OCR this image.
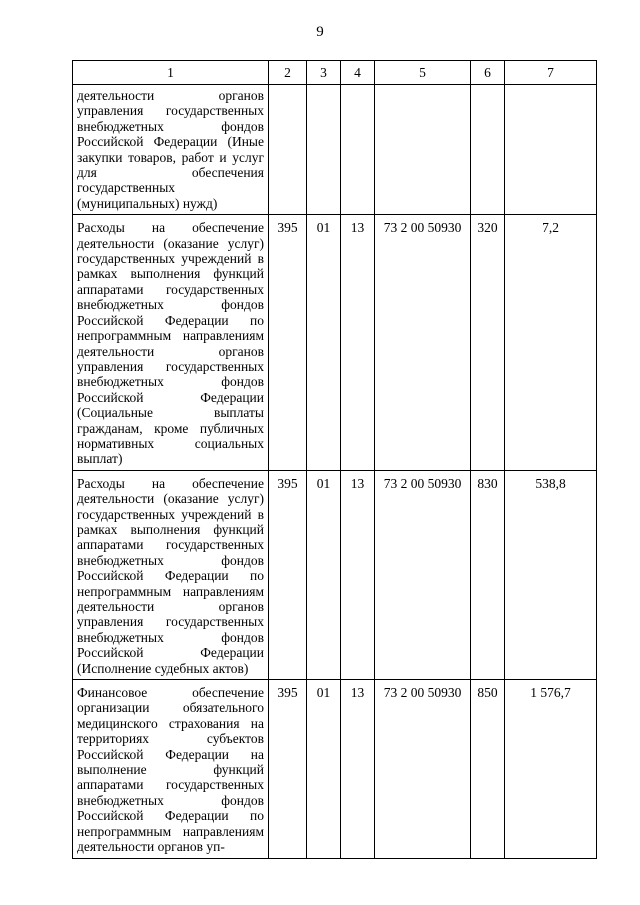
9
1	2	3	4	5	6	7
деятельности органов управления государственных внебюджетных фондов Российской Федерации (Иные закупки товаров, работ и услуг для обеспечения государственных (муниципальных) нужд)						
Расходы на обеспечение деятельности (оказание услуг) государственных учреждений в рамках выполнения функций аппаратами государственных внебюджетных фондов Российской Федерации по непрограммным направлениям деятельности органов управления государственных внебюджетных фондов Российской Федерации (Социальные выплаты гражданам, кроме публичных нормативных социальных выплат)	395	01	13	73 2 00 50930	320	7,2
Расходы на обеспечение деятельности (оказание услуг) государственных учреждений в рамках выполнения функций аппаратами государственных внебюджетных фондов Российской Федерации по непрограммным направлениям деятельности органов управления государственных внебюджетных фондов Российской Федерации (Исполнение судебных актов)	395	01	13	73 2 00 50930	830	538,8
Финансовое обеспечение организации обязательного медицинского страхования на территориях субъектов Российской Федерации на выполнение функций аппаратами государственных внебюджетных фондов Российской Федерации по непрограммным направлениям деятельности органов уп-	395	01	13	73 2 00 50930	850	1 576,7
